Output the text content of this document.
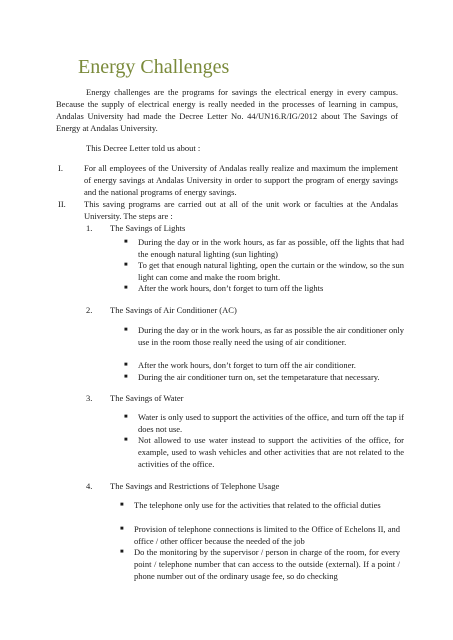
Energy Challenges
Energy challenges are the programs for savings the electrical energy in every campus. Because the supply of electrical energy is really needed in the processes of learning in campus, Andalas University had made the Decree Letter No. 44/UN16.R/IG/2012 about The Savings of Energy at Andalas University.
This Decree Letter told us about :
I.	For all employees of the University of Andalas really realize and maximum the implement of energy savings at Andalas University in order to support the program of energy savings and the national programs of energy savings.
II.	This saving programs are carried out at all of the unit work or faculties at the Andalas University. The steps are :
1.	The Savings of Lights
■ During the day or in the work hours, as far as possible, off the lights that had the enough natural lighting (sun lighting)
■ To get that enough natural lighting, open the curtain or the window, so the sun light can come and make the room bright.
■ After the work hours, don’t forget to turn off the lights
2.	The Savings of Air Conditioner (AC)
■ During the day or in the work hours, as far as possible the air conditioner only use in the room those really need the using of air conditioner.
■ After the work hours, don’t forget to turn off the air conditioner.
■ During the air conditioner turn on, set the tempetarature that necessary.
3.	The Savings of Water
■ Water is only used to support the activities of the office, and turn off the tap if does not use.
■ Not allowed to use water instead to support the activities of the office, for example, used to wash vehicles and other activities that are not related to the activities of the office.
4.	The Savings and Restrictions of Telephone Usage
■ The telephone only use for the activities that related to the official duties
■ Provision of telephone connections is limited to the Office of Echelons II, and office / other officer because the needed of the job
■ Do the monitoring by the supervisor / person in charge of the room, for every point / telephone number that can access to the outside (external). If a point / phone number out of the ordinary usage fee, so do checking
